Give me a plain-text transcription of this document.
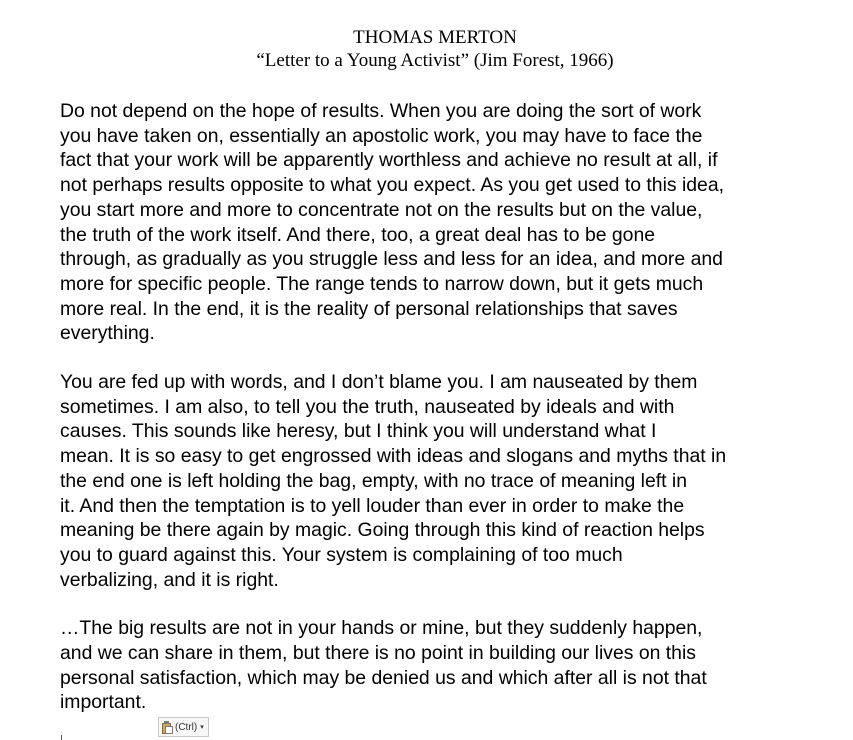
THOMAS MERTON
“Letter to a Young Activist” (Jim Forest, 1966)
Do not depend on the hope of results. When you are doing the sort of work
you have taken on, essentially an apostolic work, you may have to face the
fact that your work will be apparently worthless and achieve no result at all, if
not perhaps results opposite to what you expect. As you get used to this idea,
you start more and more to concentrate not on the results but on the value,
the truth of the work itself. And there, too, a great deal has to be gone
through, as gradually as you struggle less and less for an idea, and more and
more for specific people. The range tends to narrow down, but it gets much
more real. In the end, it is the reality of personal relationships that saves
everything.
You are fed up with words, and I don’t blame you. I am nauseated by them
sometimes. I am also, to tell you the truth, nauseated by ideals and with
causes. This sounds like heresy, but I think you will understand what I
mean. It is so easy to get engrossed with ideas and slogans and myths that in
the end one is left holding the bag, empty, with no trace of meaning left in
it. And then the temptation is to yell louder than ever in order to make the
meaning be there again by magic. Going through this kind of reaction helps
you to guard against this. Your system is complaining of too much
verbalizing, and it is right.
…The big results are not in your hands or mine, but they suddenly happen,
and we can share in them, but there is no point in building our lives on this
personal satisfaction, which may be denied us and which after all is not that
important.
(Ctrl) ▾
